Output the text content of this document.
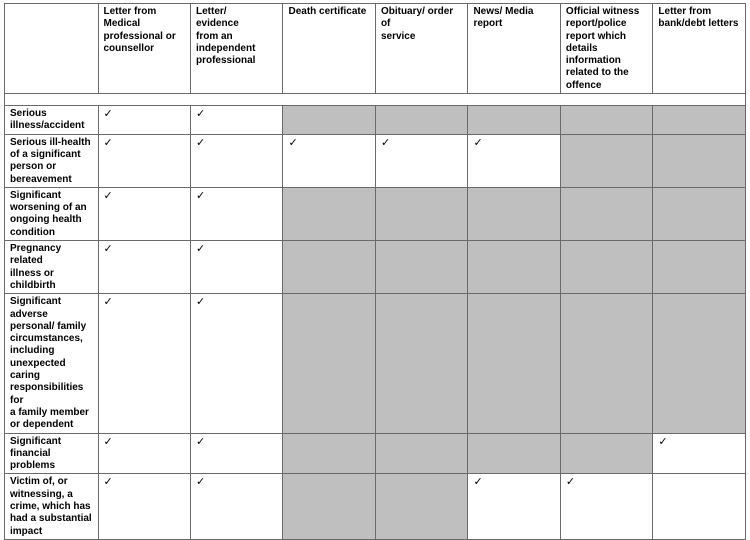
	Letter from
Medical
professional or
counsellor	Letter/
evidence
from an
independent
professional	Death certificate	Obituary/ order
of
service	News/ Media
report	Official witness
report/police
report which
details
information
related to the
offence	Letter from
bank/debt letters

Serious
illness/accident	✓	✓					
Serious ill-health
of a significant
person or
bereavement	✓	✓	✓	✓	✓		
Significant
worsening of an
ongoing health
condition	✓	✓					
Pregnancy related
illness or childbirth	✓	✓					
Significant adverse
personal/ family
circumstances,
including
unexpected caring
responsibilities for
a family member
or dependent	✓	✓					
Significant
financial problems	✓	✓					✓
Victim of, or
witnessing, a
crime, which has
had a substantial
impact	✓	✓			✓	✓	
